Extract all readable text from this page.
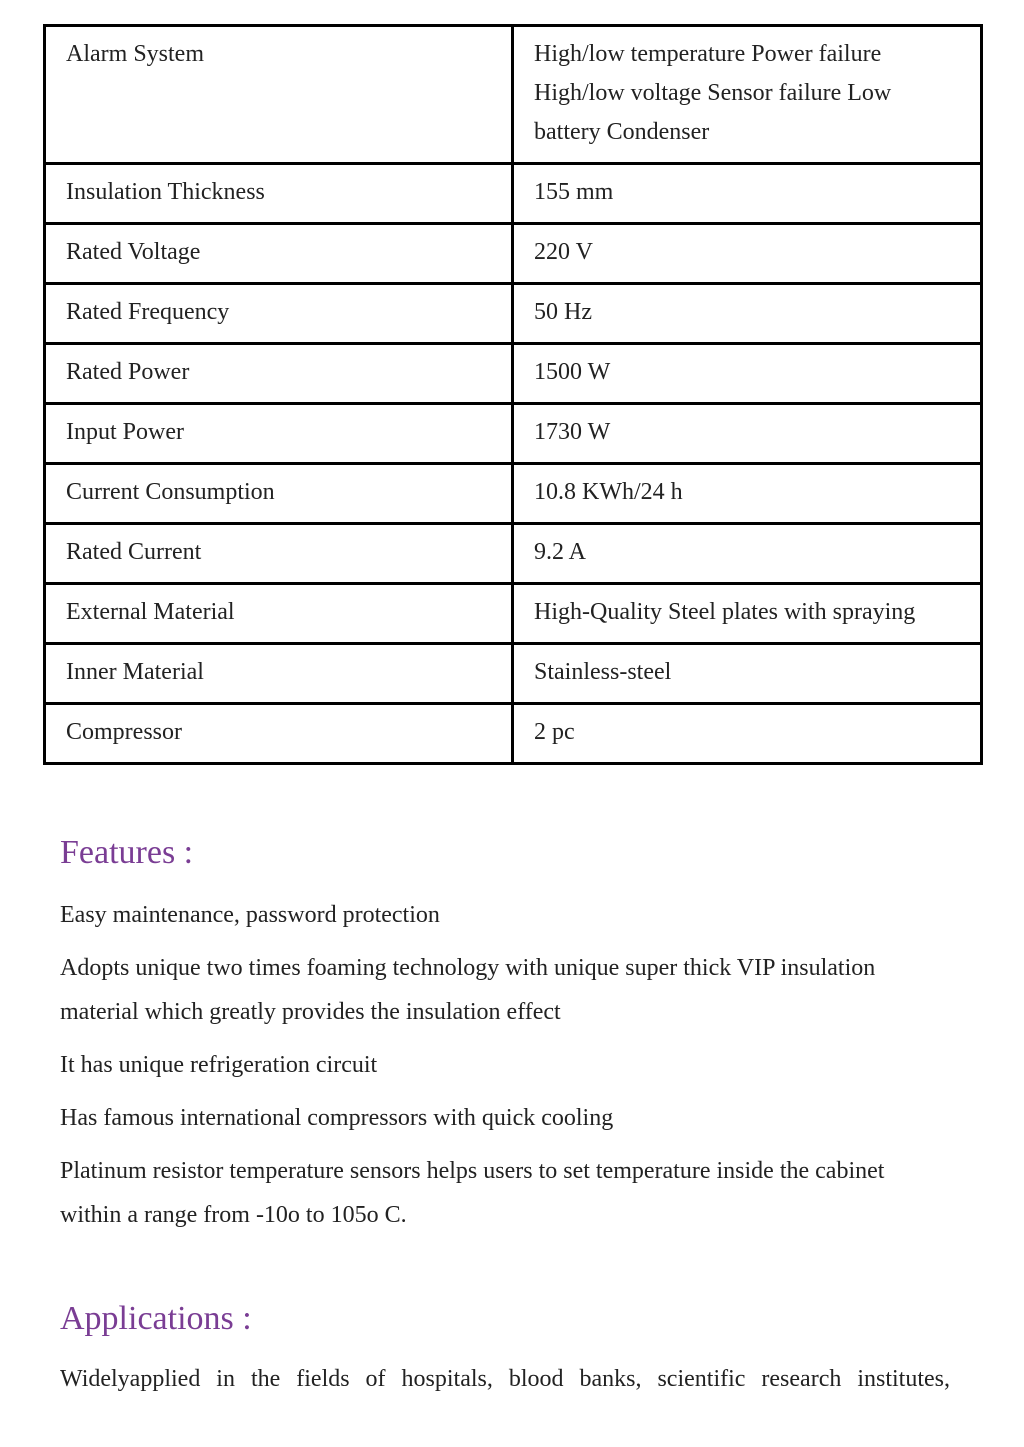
Alarm System	High/low temperature Power failure High/low voltage Sensor failure Low battery Condenser
Insulation Thickness	155 mm
Rated Voltage	220 V
Rated Frequency	50 Hz
Rated Power	1500 W
Input Power	1730 W
Current Consumption	10.8 KWh/24 h
Rated Current	9.2 A
External Material	High-Quality Steel plates with spraying
Inner Material	Stainless-steel
Compressor	2 pc
Features :
Easy maintenance, password protection
Adopts unique two times foaming technology with unique super thick VIP insulation material which greatly provides the insulation effect
It has unique refrigeration circuit
Has famous international compressors with quick cooling
Platinum resistor temperature sensors helps users to set temperature inside the cabinet within a range from -10o to 105o C.
Applications :

Widelyapplied in the fields of hospitals, blood banks, scientific research institutes,
